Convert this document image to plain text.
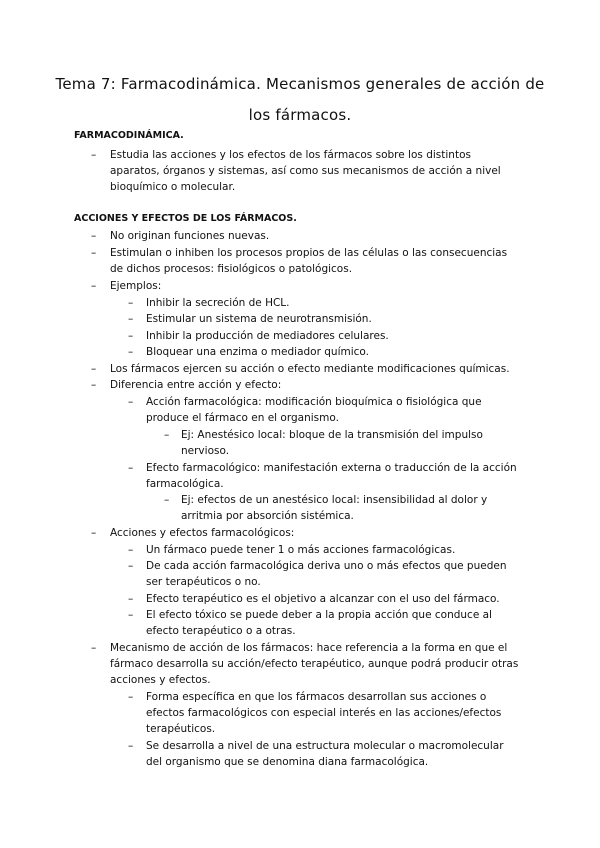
Tema 7: Farmacodinámica. Mecanismos generales de acción de
los fármacos.
FARMACODINÁMICA.
– Estudia las acciones y los efectos de los fármacos sobre los distintos
aparatos, órganos y sistemas, así como sus mecanismos de acción a nivel
bioquímico o molecular.
ACCIONES Y EFECTOS DE LOS FÁRMACOS.
– No originan funciones nuevas.
– Estimulan o inhiben los procesos propios de las células o las consecuencias
de dichos procesos: fisiológicos o patológicos.
– Ejemplos:
– Inhibir la secreción de HCL.
– Estimular un sistema de neurotransmisión.
– Inhibir la producción de mediadores celulares.
– Bloquear una enzima o mediador químico.
– Los fármacos ejercen su acción o efecto mediante modificaciones químicas.
– Diferencia entre acción y efecto:
– Acción farmacológica: modificación bioquímica o fisiológica que
produce el fármaco en el organismo.
– Ej: Anestésico local: bloque de la transmisión del impulso
nervioso.
– Efecto farmacológico: manifestación externa o traducción de la acción
farmacológica.
– Ej: efectos de un anestésico local: insensibilidad al dolor y
arritmia por absorción sistémica.
– Acciones y efectos farmacológicos:
– Un fármaco puede tener 1 o más acciones farmacológicas.
– De cada acción farmacológica deriva uno o más efectos que pueden
ser terapéuticos o no.
– Efecto terapéutico es el objetivo a alcanzar con el uso del fármaco.
– El efecto tóxico se puede deber a la propia acción que conduce al
efecto terapéutico o a otras.
– Mecanismo de acción de los fármacos: hace referencia a la forma en que el
fármaco desarrolla su acción/efecto terapéutico, aunque podrá producir otras
acciones y efectos.
– Forma específica en que los fármacos desarrollan sus acciones o
efectos farmacológicos con especial interés en las acciones/efectos
terapéuticos.
– Se desarrolla a nivel de una estructura molecular o macromolecular
del organismo que se denomina diana farmacológica.
